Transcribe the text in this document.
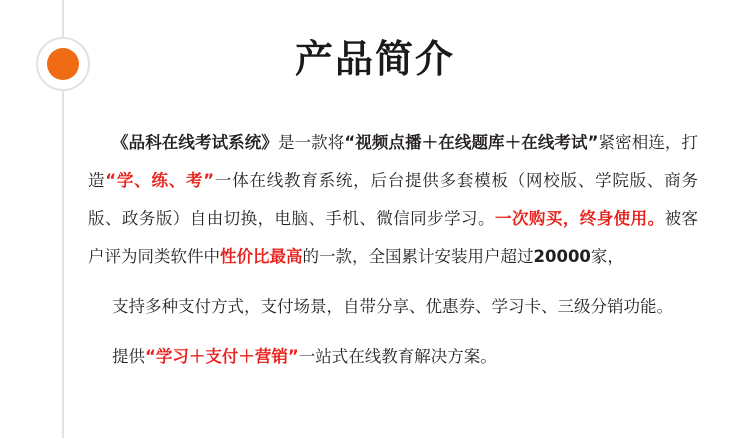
产品简介
《品科在线考试系统》是一款将“视频点播＋在线题库＋在线考试”紧密相连，打造“学、练、考”一体在线教育系统，后台提供多套模板（网校版、学院版、商务版、政务版）自由切换，电脑、手机、微信同步学习。一次购买，终身使用。被客户评为同类软件中性价比最高的一款，全国累计安装用户超过20000家，
支持多种支付方式，支付场景，自带分享、优惠券、学习卡、三级分销功能。
提供“学习＋支付＋营销”一站式在线教育解决方案。
